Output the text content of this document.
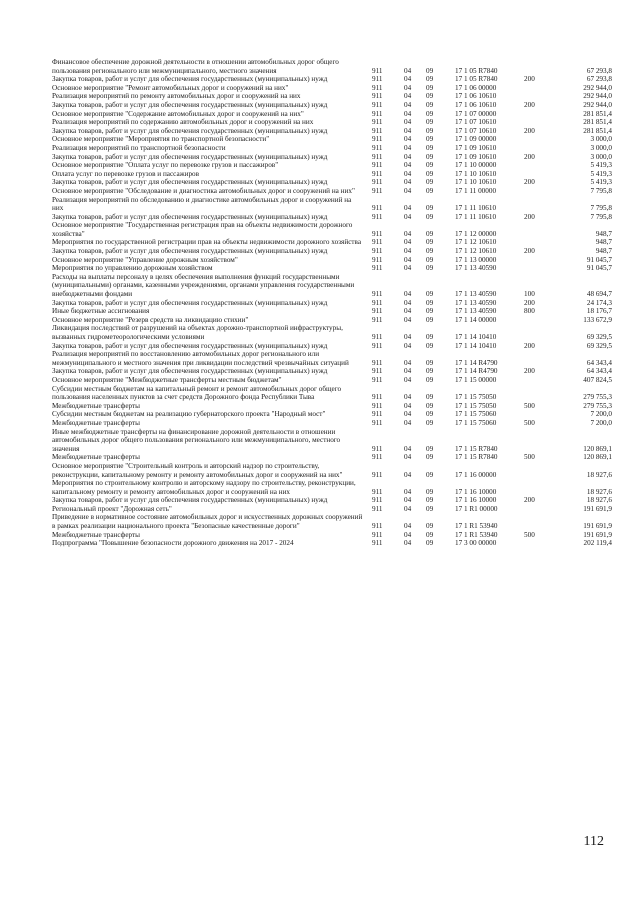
Финансовое обеспечение дорожной деятельности в отношении автомобильных дорог общего пользования регионального или межмуниципального, местного значения	911	04 09	17 1 05 R7840	67 293,8
Закупка товаров, работ и услуг для обеспечения государственных (муниципальных) нужд	911	04 09	17 1 05 R7840	200	67 293,8
Основное мероприятие "Ремонт автомобильных дорог и сооружений на них"	911	04 09	17 1 06 00000	292 944,0
Реализация мероприятий по ремонту автомобильных дорог и сооружений на них	911	04 09	17 1 06 10610	292 944,0
Закупка товаров, работ и услуг для обеспечения государственных (муниципальных) нужд	911	04 09	17 1 06 10610	200	292 944,0
Основное мероприятие "Содержание автомобильных дорог и сооружений на них"	911	04 09	17 1 07 00000	281 851,4
Реализация мероприятий по содержанию автомобильных дорог и сооружений на них	911	04 09	17 1 07 10610	281 851,4
Закупка товаров, работ и услуг для обеспечения государственных (муниципальных) нужд	911	04 09	17 1 07 10610	200	281 851,4
Основное мероприятие "Мероприятия по транспортной безопасности"	911	04 09	17 1 09 00000	3 000,0
Реализация мероприятий по транспортной безопасности	911	04 09	17 1 09 10610	3 000,0
Закупка товаров, работ и услуг для обеспечения государственных (муниципальных) нужд	911	04 09	17 1 09 10610	200	3 000,0
Основное мероприятие "Оплата услуг по перевозке грузов и пассажиров"	911	04 09	17 1 10 00000	5 419,3
Оплата услуг по перевозке грузов и пассажиров	911	04 09	17 1 10 10610	5 419,3
Закупка товаров, работ и услуг для обеспечения государственных (муниципальных) нужд	911	04 09	17 1 10 10610	200	5 419,3
Основное мероприятие "Обследование и диагностика автомобильных дорог и сооружений на них"	911	04 09	17 1 11 00000	7 795,8
Реализация мероприятий по обследованию и диагностике автомобильных дорог и сооружений на них	911	04 09	17 1 11 10610	7 795,8
Закупка товаров, работ и услуг для обеспечения государственных (муниципальных) нужд	911	04 09	17 1 11 10610	200	7 795,8
Основное мероприятие "Государственная регистрация прав на объекты недвижимости дорожного хозяйства"	911	04 09	17 1 12 00000	948,7
Мероприятия по государственной регистрации прав на объекты недвижимости дорожного хозяйства	911	04 09	17 1 12 10610	948,7
Закупка товаров, работ и услуг для обеспечения государственных (муниципальных) нужд	911	04 09	17 1 12 10610	200	948,7
Основное мероприятие "Управление дорожным хозяйством"	911	04 09	17 1 13 00000	91 045,7
Мероприятия по управлению дорожным хозяйством	911	04 09	17 1 13 40590	91 045,7
Расходы на выплаты персоналу в целях обеспечения выполнения функций государственными (муниципальными) органами, казенными учреждениями, органами управления государственными внебюджетными фондами	911	04 09	17 1 13 40590	100	48 694,7
Закупка товаров, работ и услуг для обеспечения государственных (муниципальных) нужд	911	04 09	17 1 13 40590	200	24 174,3
Иные бюджетные ассигнования	911	04 09	17 1 13 40590	800	18 176,7
Основное мероприятие "Резерв средств на ликвидацию стихии"	911	04 09	17 1 14 00000	133 672,9
Ликвидация последствий от разрушений на объектах дорожно-транспортной инфраструктуры, вызванных гидрометеорологическими условиями	911	04 09	17 1 14 10410	69 329,5
Закупка товаров, работ и услуг для обеспечения государственных (муниципальных) нужд	911	04 09	17 1 14 10410	200	69 329,5
Реализация мероприятий по восстановлению автомобильных дорог регионального или межмуниципального и местного значения при ликвидации последствий чрезвычайных ситуаций	911	04 09	17 1 14 R4790	64 343,4
Закупка товаров, работ и услуг для обеспечения государственных (муниципальных) нужд	911	04 09	17 1 14 R4790	200	64 343,4
Основное мероприятие "Межбюджетные трансферты местным бюджетам"	911	04 09	17 1 15 00000	407 824,5
Субсидии местным бюджетам на капитальный ремонт и ремонт автомобильных дорог общего пользования населенных пунктов за счет средств Дорожного фонда Республики Тыва	911	04 09	17 1 15 75050	279 755,3
Межбюджетные трансферты	911	04 09	17 1 15 75050	500	279 755,3
Субсидии местным бюджетам на реализацию губернаторского проекта "Народный мост"	911	04 09	17 1 15 75060	7 200,0
Межбюджетные трансферты	911	04 09	17 1 15 75060	500	7 200,0
Иные межбюджетные трансферты на финансирование дорожной деятельности в отношении автомобильных дорог общего пользования регионального или межмуниципального, местного значения	911	04 09	17 1 15 R7840	120 869,1
Межбюджетные трансферты	911	04 09	17 1 15 R7840	500	120 869,1
Основное мероприятие "Строительный контроль и авторский надзор по строительству, реконструкции, капитальному ремонту и ремонту автомобильных дорог и сооружений на них"	911	04 09	17 1 16 00000	18 927,6
Мероприятия по строительному контролю и авторскому надзору по строительству, реконструкции, капитальному ремонту и ремонту автомобильных дорог и сооружений на них	911	04 09	17 1 16 10000	18 927,6
Закупка товаров, работ и услуг для обеспечения государственных (муниципальных) нужд	911	04 09	17 1 16 10000	200	18 927,6
Региональный проект "Дорожная сеть"	911	04 09	17 1 R1 00000	191 691,9
Приведение в нормативное состояние автомобильных дорог и искусственных дорожных сооружений в рамках реализации национального проекта "Безопасные качественные дороги"	911	04 09	17 1 R1 53940	191 691,9
Межбюджетные трансферты	911	04 09	17 1 R1 53940	500	191 691,9
Подпрограмма "Повышение безопасности дорожного движения на 2017 - 2024	911	04 09	17 3 00 00000	202 119,4
112
